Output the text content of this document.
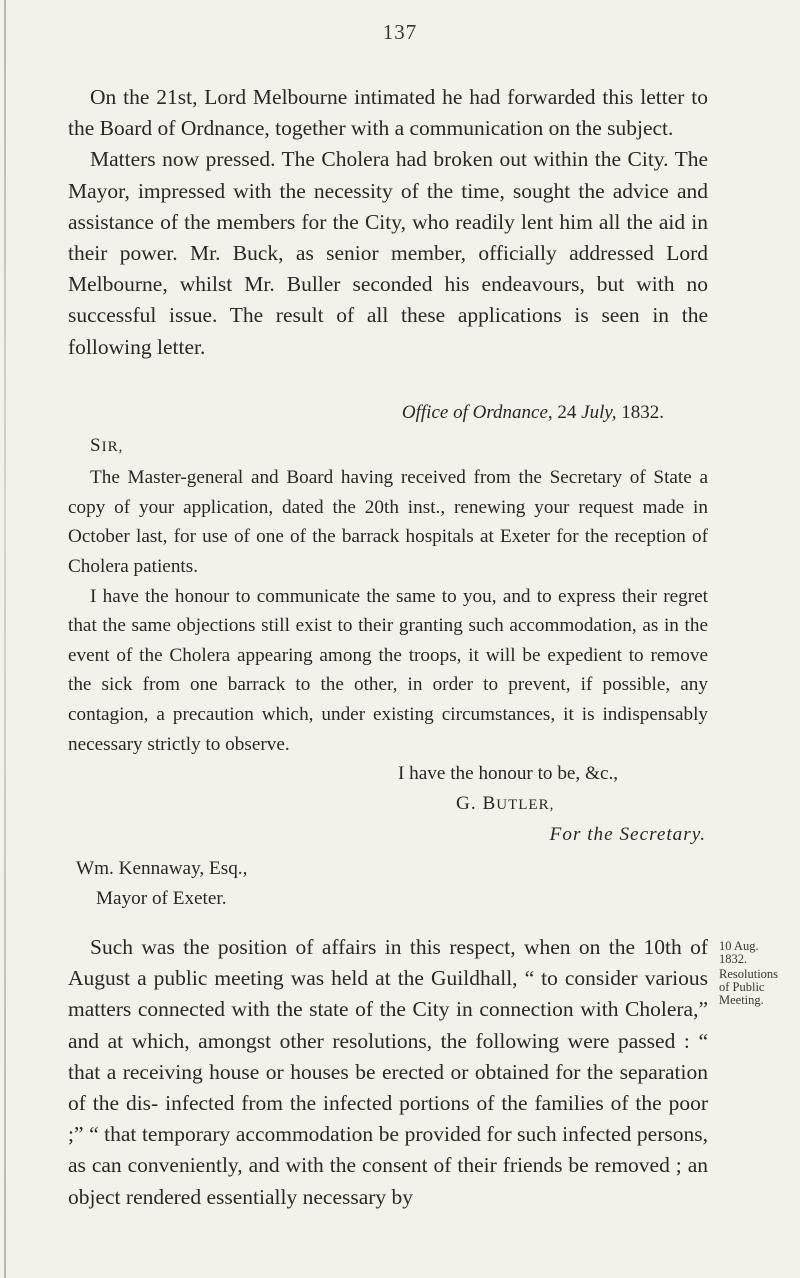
137

On the 21st, Lord Melbourne intimated he had forwarded this letter to the Board of Ordnance, together with a communication on the subject.

Matters now pressed. The Cholera had broken out within the City. The Mayor, impressed with the necessity of the time, sought the advice and assistance of the members for the City, who readily lent him all the aid in their power. Mr. Buck, as senior member, officially addressed Lord Melbourne, whilst Mr. Buller seconded his endeavours, but with no successful issue. The result of all these applications is seen in the following letter.

Office of Ordnance, 24 July, 1832.

SIR,

The Master-general and Board having received from the Secretary of State a copy of your application, dated the 20th inst., renewing your request made in October last, for use of one of the barrack hospitals at Exeter for the reception of Cholera patients.

I have the honour to communicate the same to you, and to express their regret that the same objections still exist to their granting such accommodation, as in the event of the Cholera appearing among the troops, it will be expedient to remove the sick from one barrack to the other, in order to prevent, if possible, any contagion, a precaution which, under existing circumstances, it is indispensably necessary strictly to observe.

I have the honour to be, &c.,

G. BUTLER,

For the Secretary.

Wm. Kennaway, Esq.,

Mayor of Exeter.

Such was the position of affairs in this respect, when on the 10th of August a public meeting was held at the Guildhall, “ to consider various matters connected with the state of the City in connection with Cholera,” and at which, amongst other resolutions, the following were passed : “ that a receiving house or houses be erected or obtained for the separation of the dis- infected from the infected portions of the families of the poor ;” “ that temporary accommodation be provided for such infected persons, as can conveniently, and with the consent of their friends be removed ; an object rendered essentially necessary by

10 Aug.
1832.
Resolutions
of Public
Meeting.
